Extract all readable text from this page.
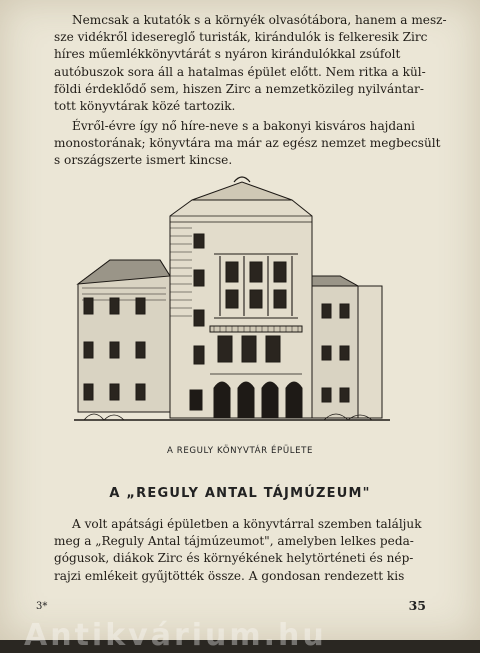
Nemcsak a kutatók s a környék olvasótábora, hanem a mesz-
sze vidékről idesereglő turisták, kirándulók is felkeresik Zirc
híres műemlékkönyvtárát s nyáron kirándulókkal zsúfolt
autóbuszok sora áll a hatalmas épület előtt. Nem ritka a kül-
földi érdeklődő sem, hiszen Zirc a nemzetközileg nyilvántar-
tott könyvtárak közé tartozik.

Évről-évre így nő híre-neve s a bakonyi kisváros hajdani
monostorának; könyvtára ma már az egész nemzet megbecsült
s országszerte ismert kincse.

A REGULY KÖNYVTÁR ÉPÜLETE
A „REGULY ANTAL TÁJMÚZEUM"

A volt apátsági épületben a könyvtárral szemben találjuk
meg a „Reguly Antal tájmúzeumot", amelyben lelkes peda-
gógusok, diákok Zirc és környékének helytörténeti és nép-
rajzi emlékeit gyűjtötték össze. A gondosan rendezett kis

3*	35
Antikvárium.hu
